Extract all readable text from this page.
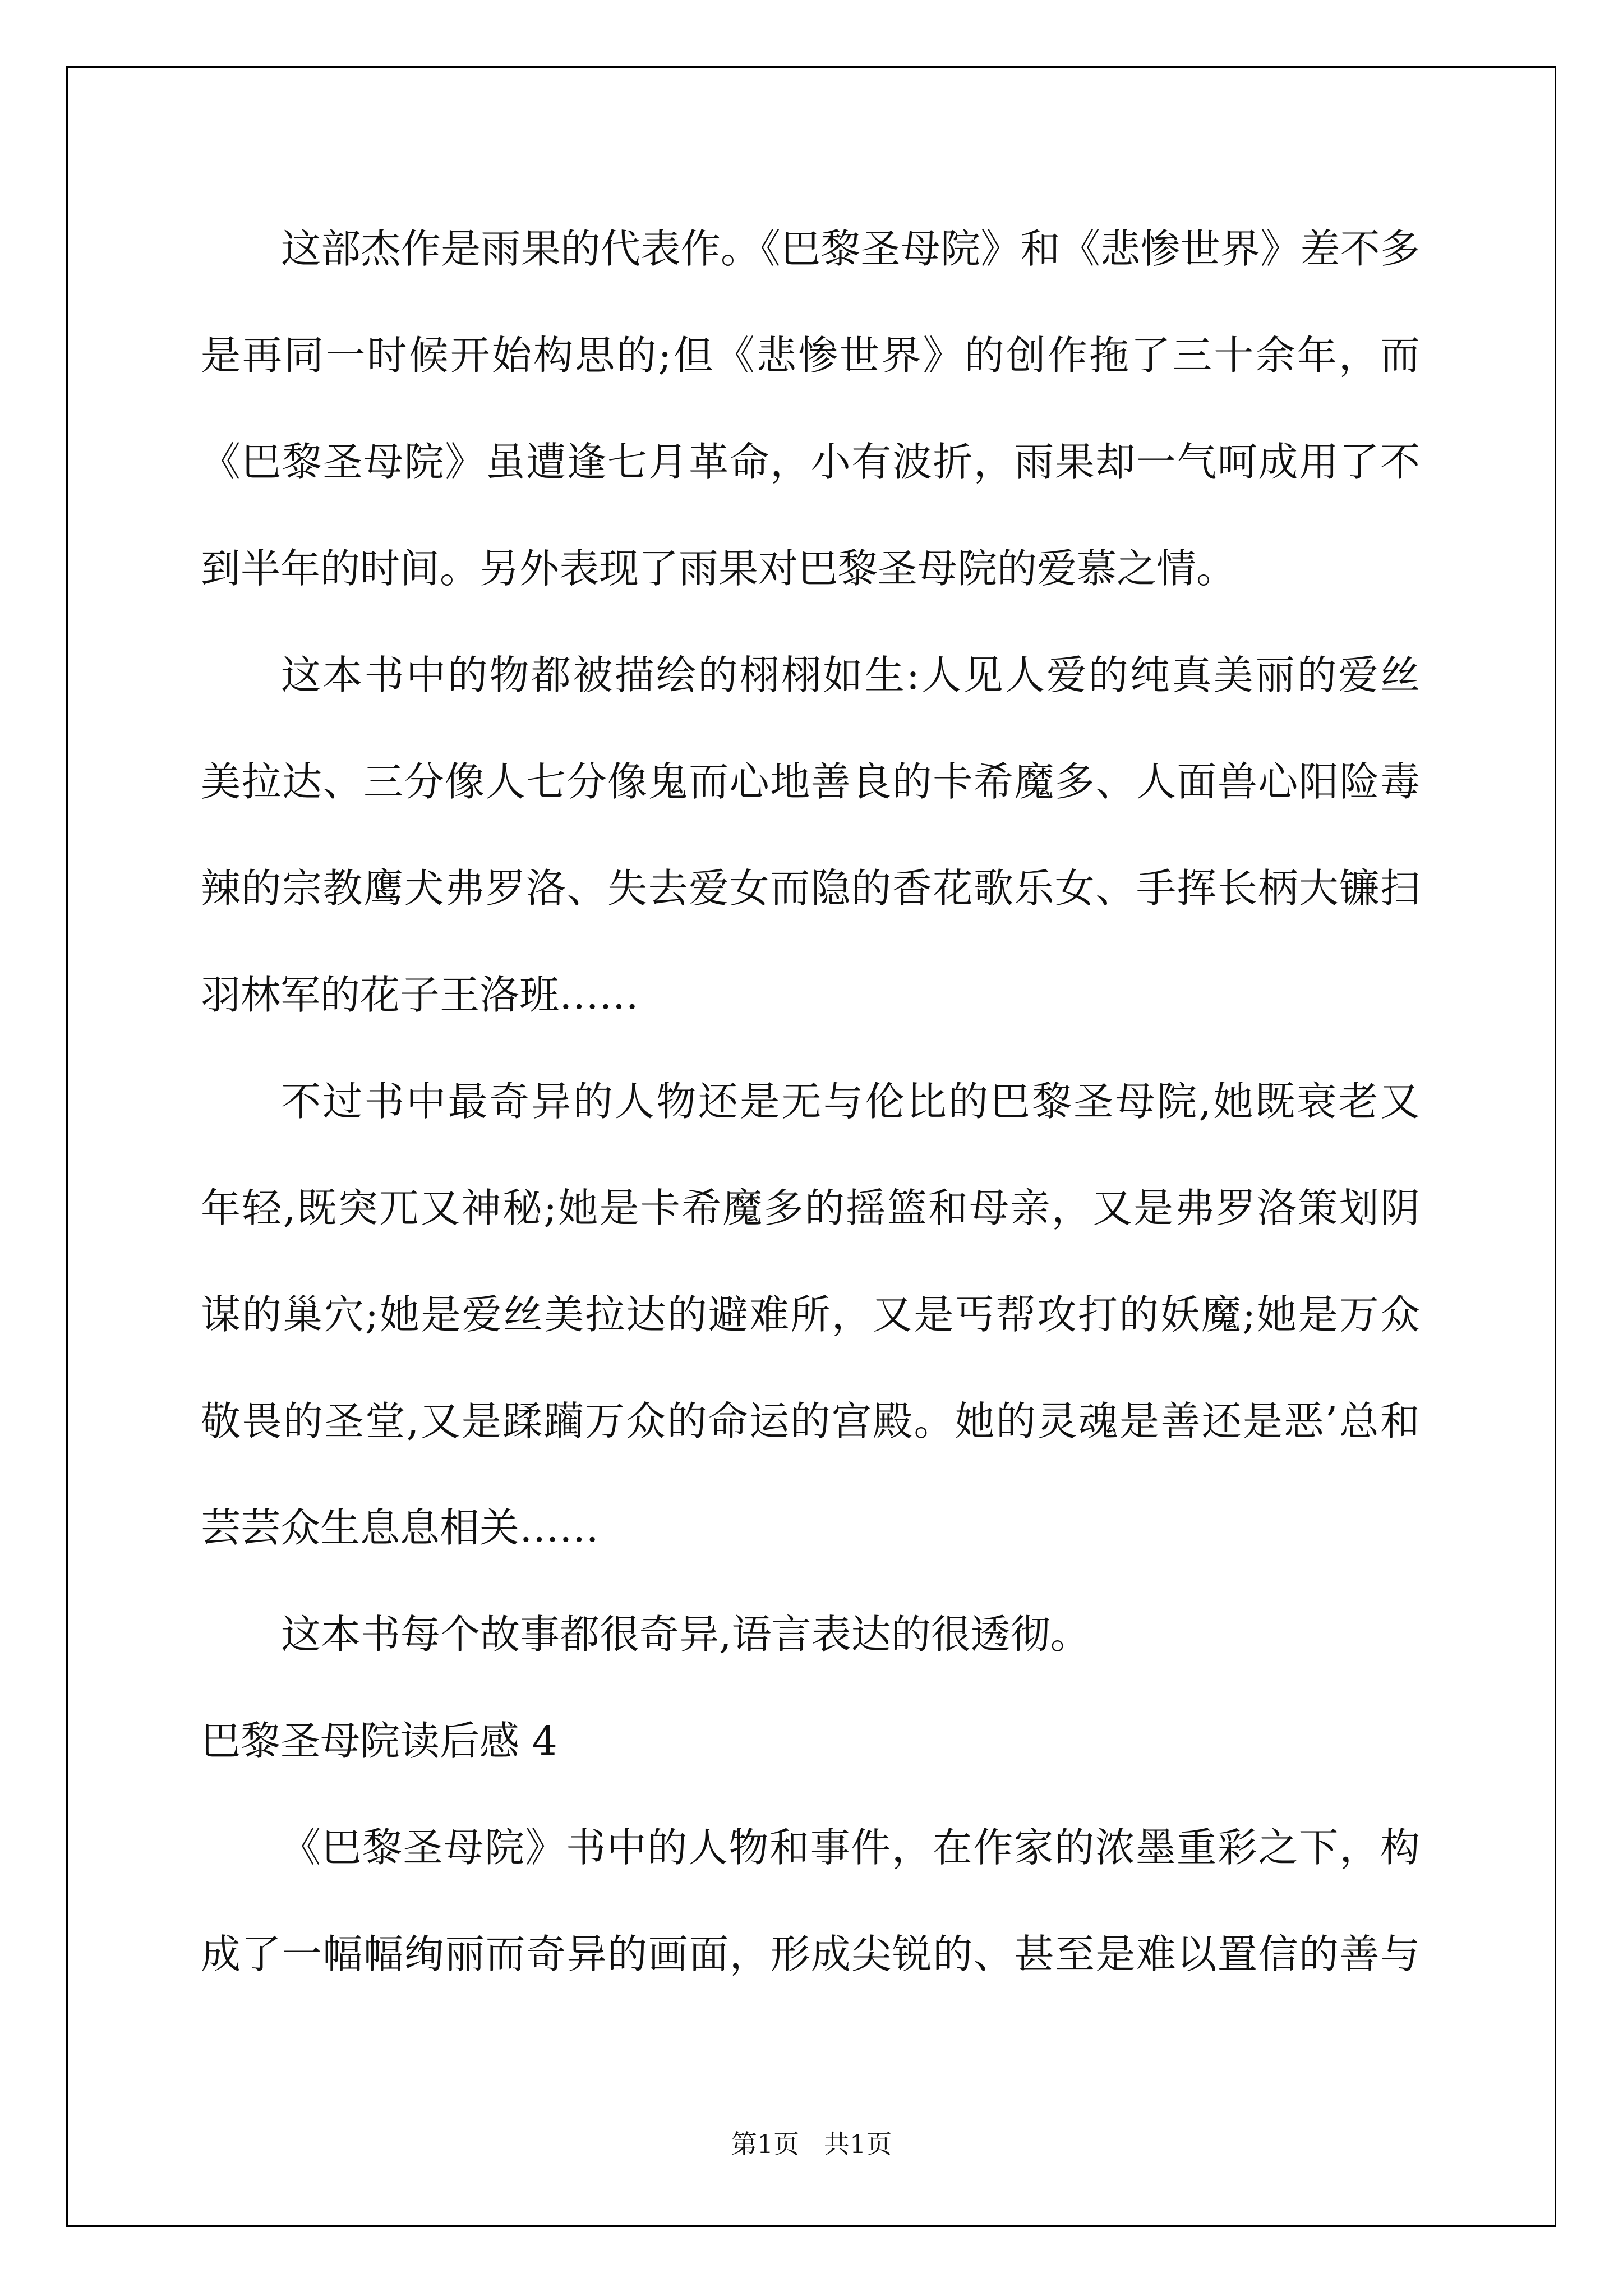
这部杰作是雨果的代表作。《巴黎圣母院》和《悲惨世界》差不多
是再同一时候开始构思的;但《悲惨世界》的创作拖了三十余年，而
《巴黎圣母院》虽遭逢七月革命，小有波折，雨果却一气呵成用了不
到半年的时间。另外表现了雨果对巴黎圣母院的爱慕之情。
这本书中的物都被描绘的栩栩如生:人见人爱的纯真美丽的爱丝
美拉达、三分像人七分像鬼而心地善良的卡希魔多、人面兽心阳险毒
辣的宗教鹰犬弗罗洛、失去爱女而隐的香花歌乐女、手挥长柄大镰扫
羽林军的花子王洛班……
不过书中最奇异的人物还是无与伦比的巴黎圣母院,她既衰老又
年轻,既突兀又神秘;她是卡希魔多的摇篮和母亲，又是弗罗洛策划阴
谋的巢穴;她是爱丝美拉达的避难所，又是丐帮攻打的妖魔;她是万众
敬畏的圣堂,又是蹂躏万众的命运的宫殿。她的灵魂是善还是恶’总和
芸芸众生息息相关……
这本书每个故事都很奇异,语言表达的很透彻。
巴黎圣母院读后感 4
《巴黎圣母院》书中的人物和事件，在作家的浓墨重彩之下，构
成了一幅幅绚丽而奇异的画面，形成尖锐的、甚至是难以置信的善与
第1页 共1页
